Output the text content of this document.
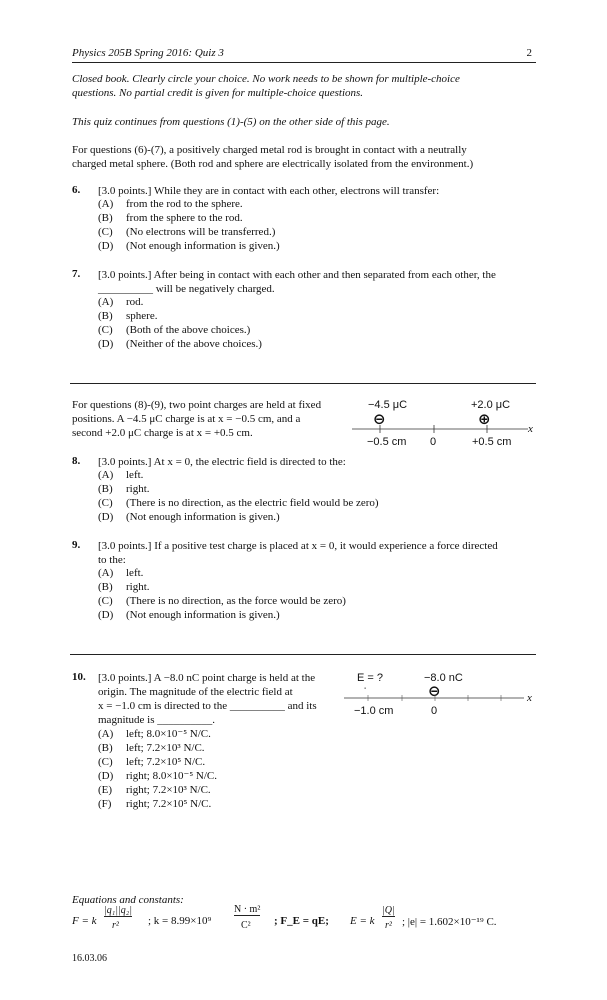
Physics 205B Spring 2016: Quiz 3	2
Closed book. Clearly circle your choice. No work needs to be shown for multiple-choice
questions. No partial credit is given for multiple-choice questions.
This quiz continues from questions (1)-(5) on the other side of this page.
For questions (6)-(7), a positively charged metal rod is brought in contact with a neutrally
charged metal sphere. (Both rod and sphere are electrically isolated from the environment.)
6. [3.0 points.] While they are in contact with each other, electrons will transfer:
(A) from the rod to the sphere.
(B) from the sphere to the rod.
(C) (No electrons will be transferred.)
(D) (Not enough information is given.)
7. [3.0 points.] After being in contact with each other and then separated from each other, the
__________ will be negatively charged.
(A) rod.
(B) sphere.
(C) (Both of the above choices.)
(D) (Neither of the above choices.)
For questions (8)-(9), two point charges are held at fixed
positions. A −4.5 μC charge is at x = −0.5 cm, and a
second +2.0 μC charge is at x = +0.5 cm.
−4.5 μC	+2.0 μC
⊖	⊕
x
−0.5 cm 0	+0.5 cm
8. [3.0 points.] At x = 0, the electric field is directed to the:
(A) left.
(B) right.
(C) (There is no direction, as the electric field would be zero)
(D) (Not enough information is given.)
9. [3.0 points.] If a positive test charge is placed at x = 0, it would experience a force directed
to the:
(A) left.
(B) right.
(C) (There is no direction, as the force would be zero)
(D) (Not enough information is given.)
10. [3.0 points.] A −8.0 nC point charge is held at the
origin. The magnitude of the electric field at
x = −1.0 cm is directed to the __________ and its
magnitude is __________.
(A) left; 8.0×10⁻⁵ N/C.
(B) left; 7.2×10³ N/C.
(C) left; 7.2×10⁵ N/C.
(D) right; 8.0×10⁻⁵ N/C.
(E) right; 7.2×10³ N/C.
(F) right; 7.2×10⁵ N/C.
E = ?	−8.0 nC
▪	⊖	x
−1.0 cm	0
Equations and constants:
F = k
|q₁||q₂|
r²	; k = 8.99×10⁹
N · m²
C² ; F_E = qE; E = k
|Q|
r² ; |e| = 1.602×10⁻¹⁹ C.
16.03.06
